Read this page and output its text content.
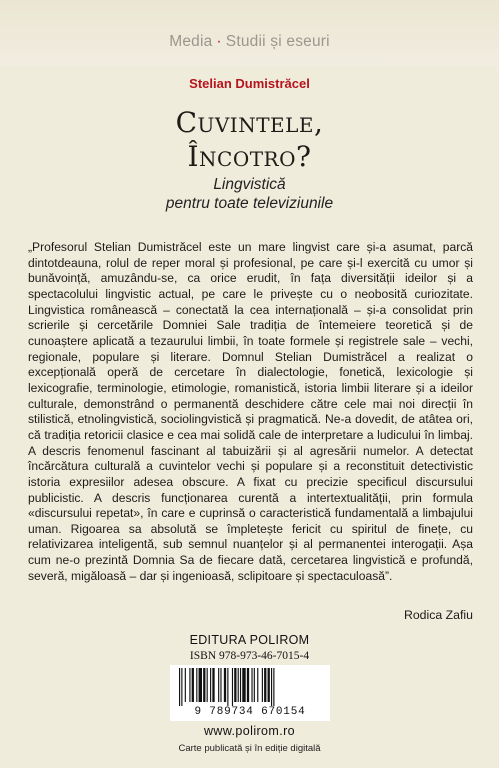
Media · Studii și eseuri
Stelian Dumistrăcel
Cuvintele,
Încotro?
Lingvistică
pentru toate televiziunile
„Profesorul Stelian Dumistrăcel este un mare lingvist care și-a asumat, parcă dintotdeauna, rolul de reper moral și profesional, pe care și-l exercită cu umor și bunăvoință, amuzându-se, ca orice erudit, în fața diversității ideilor și a spectacolului lingvistic actual, pe care le privește cu o neobosită curiozitate. Lingvistica românească – conectată la cea internațională – și-a consolidat prin scrierile și cercetările Domniei Sale tradiția de întemeiere teoretică și de cunoaștere aplicată a tezaurului limbii, în toate formele și registrele sale – vechi, regionale, populare și literare. Domnul Stelian Dumistrăcel a realizat o excepțională operă de cercetare în dialectologie, fonetică, lexicologie și lexicografie, terminologie, etimologie, romanistică, istoria limbii literare și a ideilor culturale, demonstrând o permanentă deschidere către cele mai noi direcții în stilistică, etnolingvistică, sociolingvistică și pragmatică. Ne-a dovedit, de atâtea ori, că tradiția retoricii clasice e cea mai solidă cale de interpretare a ludicului în limbaj. A descris fenomenul fascinant al tabuizării și al agresării numelor. A detectat încărcătura culturală a cuvintelor vechi și populare și a reconstituit detectivistic istoria expresiilor adesea obscure. A fixat cu precizie specificul discursului publicistic. A descris funcționarea curentă a intertextualității, prin formula «discursului repetat», în care e cuprinsă o caracteristică fundamentală a limbajului uman. Rigoarea sa absolută se împletește fericit cu spiritul de finețe, cu relativizarea inteligentă, sub semnul nuanțelor și al permanentei interogații. Așa cum ne-o prezintă Domnia Sa de fiecare dată, cercetarea lingvistică e profundă, severă, migăloasă – dar și ingenioasă, sclipitoare și spectaculoasă”.
Rodica Zafiu
EDITURA POLIROM
ISBN 978-973-46-7015-4
9 789734 670154
www.polirom.ro
Carte publicată și în ediție digitală
